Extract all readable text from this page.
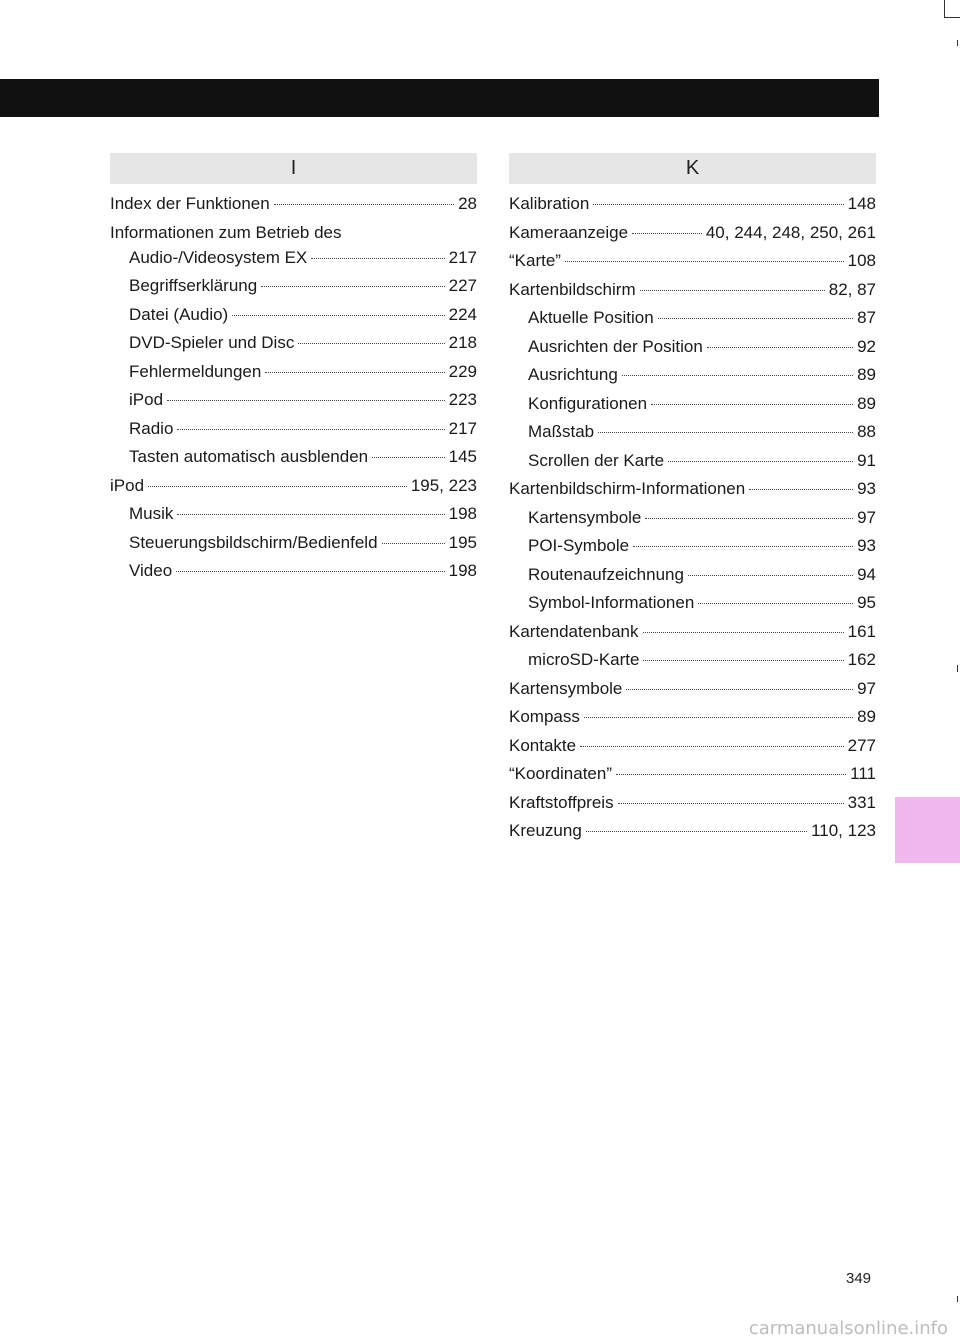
I
Index der Funktionen	28
Informationen zum Betrieb des
Audio-/Videosystem EX	217
Begriffserklärung	227
Datei (Audio)	224
DVD-Spieler und Disc	218
Fehlermeldungen	229
iPod	223
Radio	217
Tasten automatisch ausblenden	145
iPod	195, 223
Musik	198
Steuerungsbildschirm/Bedienfeld	195
Video	198
K
Kalibration	148
Kameraanzeige	40, 244, 248, 250, 261
“Karte”	108
Kartenbildschirm	82, 87
Aktuelle Position	87
Ausrichten der Position	92
Ausrichtung	89
Konfigurationen	89
Maßstab	88
Scrollen der Karte	91
Kartenbildschirm-Informationen	93
Kartensymbole	97
POI-Symbole	93
Routenaufzeichnung	94
Symbol-Informationen	95
Kartendatenbank	161
microSD-Karte	162
Kartensymbole	97
Kompass	89
Kontakte	277
“Koordinaten”	111
Kraftstoffpreis	331
Kreuzung	110, 123
349
carmanualsonline.info
